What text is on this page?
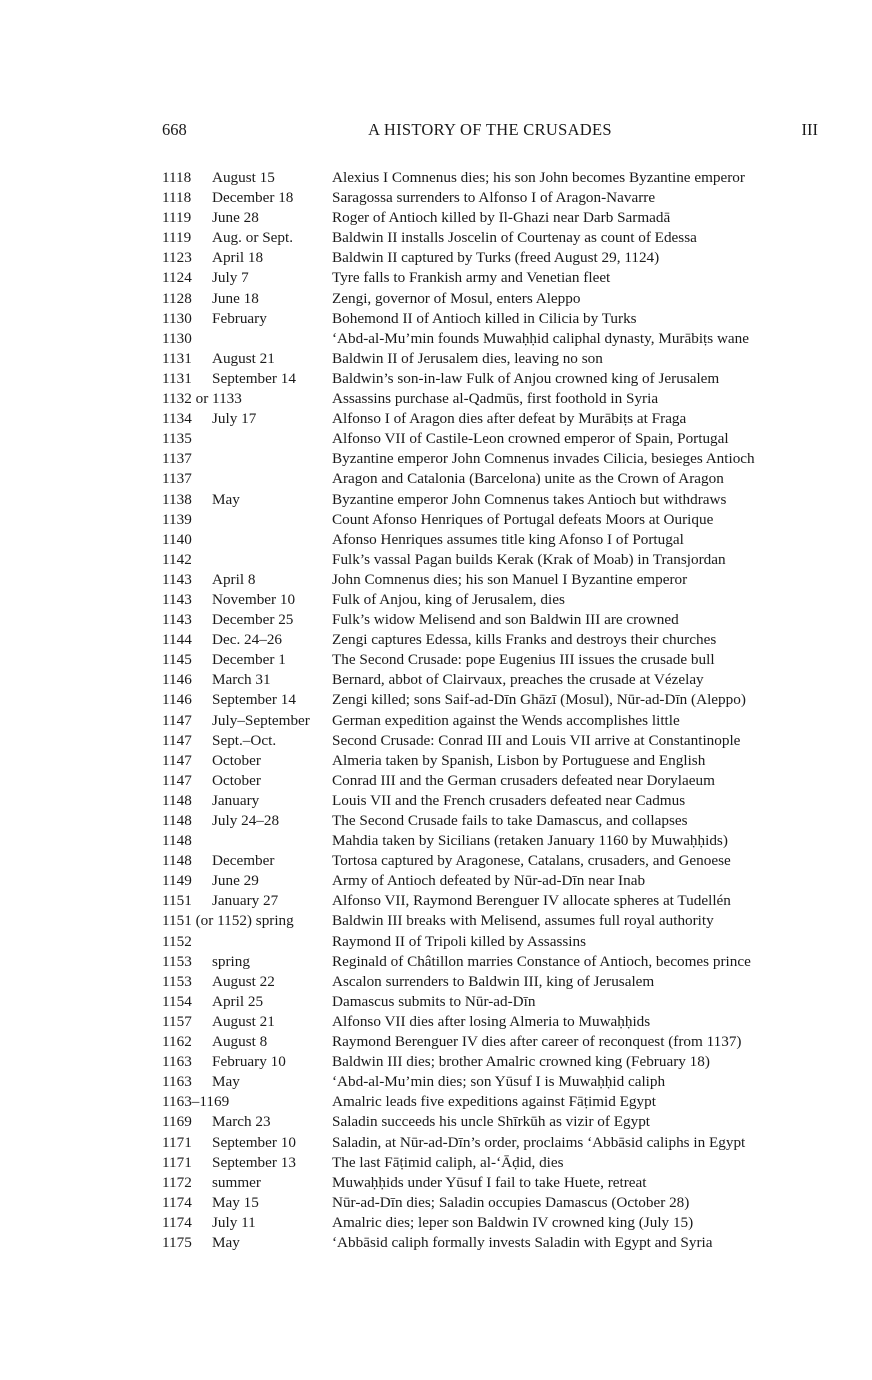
668	A HISTORY OF THE CRUSADES	III
1118 August 15	Alexius I Comnenus dies; his son John becomes Byzantine emperor
1118 December 18	Saragossa surrenders to Alfonso I of Aragon-Navarre
1119 June 28	Roger of Antioch killed by Il-Ghazi near Darb Sarmadā
1119 Aug. or Sept.	Baldwin II installs Joscelin of Courtenay as count of Edessa
1123 April 18	Baldwin II captured by Turks (freed August 29, 1124)
1124 July 7	Tyre falls to Frankish army and Venetian fleet
1128 June 18	Zengi, governor of Mosul, enters Aleppo
1130 February	Bohemond II of Antioch killed in Cilicia by Turks
1130	‘Abd-al-Mu’min founds Muwaḥḥid caliphal dynasty, Murābiṭs wane
1131 August 21	Baldwin II of Jerusalem dies, leaving no son
1131 September 14 Baldwin’s son-in-law Fulk of Anjou crowned king of Jerusalem
1132 or 1133	Assassins purchase al-Qadmūs, first foothold in Syria
1134 July 17	Alfonso I of Aragon dies after defeat by Murābiṭs at Fraga
1135	Alfonso VII of Castile-Leon crowned emperor of Spain, Portugal
1137	Byzantine emperor John Comnenus invades Cilicia, besieges Antioch
1137	Aragon and Catalonia (Barcelona) unite as the Crown of Aragon
1138 May	Byzantine emperor John Comnenus takes Antioch but withdraws
1139	Count Afonso Henriques of Portugal defeats Moors at Ourique
1140	Afonso Henriques assumes title king Afonso I of Portugal
1142	Fulk’s vassal Pagan builds Kerak (Krak of Moab) in Transjordan
1143 April 8	John Comnenus dies; his son Manuel I Byzantine emperor
1143 November 10 Fulk of Anjou, king of Jerusalem, dies
1143 December 25	Fulk’s widow Melisend and son Baldwin III are crowned
1144 Dec. 24–26	Zengi captures Edessa, kills Franks and destroys their churches
1145 December 1	The Second Crusade: pope Eugenius III issues the crusade bull
1146 March 31	Bernard, abbot of Clairvaux, preaches the crusade at Vézelay
1146 September 14 Zengi killed; sons Saif-ad-Dīn Ghāzī (Mosul), Nūr-ad-Dīn (Aleppo)
1147 July–September German expedition against the Wends accomplishes little
1147 Sept.–Oct.	Second Crusade: Conrad III and Louis VII arrive at Constantinople
1147 October	Almeria taken by Spanish, Lisbon by Portuguese and English
1147 October	Conrad III and the German crusaders defeated near Dorylaeum
1148 January	Louis VII and the French crusaders defeated near Cadmus
1148 July 24–28	The Second Crusade fails to take Damascus, and collapses
1148	Mahdia taken by Sicilians (retaken January 1160 by Muwaḥḥids)
1148 December	Tortosa captured by Aragonese, Catalans, crusaders, and Genoese
1149 June 29	Army of Antioch defeated by Nūr-ad-Dīn near Inab
1151 January 27	Alfonso VII, Raymond Berenguer IV allocate spheres at Tudellén
1151 (or 1152) spring	Baldwin III breaks with Melisend, assumes full royal authority
1152	Raymond II of Tripoli killed by Assassins
1153 spring	Reginald of Châtillon marries Constance of Antioch, becomes prince
1153 August 22	Ascalon surrenders to Baldwin III, king of Jerusalem
1154 April 25	Damascus submits to Nūr-ad-Dīn
1157 August 21	Alfonso VII dies after losing Almeria to Muwaḥḥids
1162 August 8	Raymond Berenguer IV dies after career of reconquest (from 1137)
1163 February 10	Baldwin III dies; brother Amalric crowned king (February 18)
1163 May	‘Abd-al-Mu’min dies; son Yūsuf I is Muwaḥḥid caliph
1163–1169	Amalric leads five expeditions against Fāṭimid Egypt
1169 March 23	Saladin succeeds his uncle Shīrkūh as vizir of Egypt
1171 September 10 Saladin, at Nūr-ad-Dīn’s order, proclaims ‘Abbāsid caliphs in Egypt
1171 September 13 The last Fāṭimid caliph, al-‘Āḍid, dies
1172 summer	Muwaḥḥids under Yūsuf I fail to take Huete, retreat
1174 May 15	Nūr-ad-Dīn dies; Saladin occupies Damascus (October 28)
1174 July 11	Amalric dies; leper son Baldwin IV crowned king (July 15)
1175 May	‘Abbāsid caliph formally invests Saladin with Egypt and Syria
